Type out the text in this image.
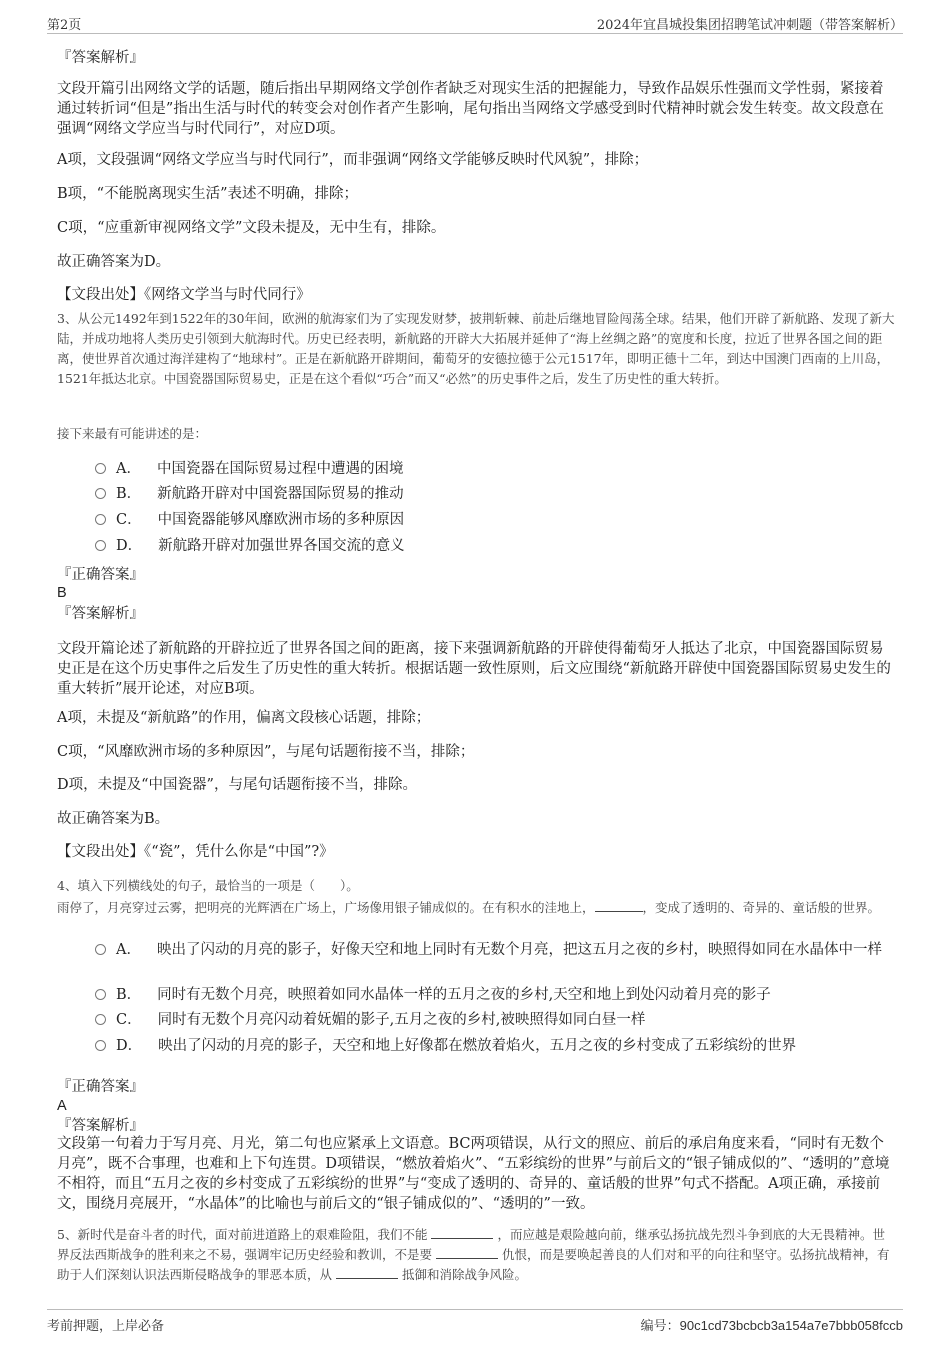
第2页	2024年宜昌城投集团招聘笔试冲刺题（带答案解析）

『答案解析』

文段开篇引出网络文学的话题，随后指出早期网络文学创作者缺乏对现实生活的把握能力，导致作品娱乐性强而文学性弱，紧接着通过转折词“但是”指出生活与时代的转变会对创作者产生影响，尾句指出当网络文学感受到时代精神时就会发生转变。故文段意在强调“网络文学应当与时代同行”，对应D项。

A项，文段强调“网络文学应当与时代同行”，而非强调“网络文学能够反映时代风貌”，排除；

B项，“不能脱离现实生活”表述不明确，排除；

C项，“应重新审视网络文学”文段未提及，无中生有，排除。

故正确答案为D。

【文段出处】《网络文学当与时代同行》

3、从公元1492年到1522年的30年间，欧洲的航海家们为了实现发财梦，披荆斩棘、前赴后继地冒险闯荡全球。结果，他们开辟了新航路、发现了新大陆，并成功地将人类历史引领到大航海时代。历史已经表明，新航路的开辟大大拓展并延伸了“海上丝绸之路”的宽度和长度，拉近了世界各国之间的距离，使世界首次通过海洋建构了“地球村”。正是在新航路开辟期间，葡萄牙的安德拉德于公元1517年，即明正德十二年，到达中国澳门西南的上川岛，1521年抵达北京。中国瓷器国际贸易史，正是在这个看似“巧合”而又“必然”的历史事件之后，发生了历史性的重大转折。

接下来最有可能讲述的是：

A． 中国瓷器在国际贸易过程中遭遇的困境
B． 新航路开辟对中国瓷器国际贸易的推动
C． 中国瓷器能够风靡欧洲市场的多种原因
D． 新航路开辟对加强世界各国交流的意义

『正确答案』

B

『答案解析』

文段开篇论述了新航路的开辟拉近了世界各国之间的距离，接下来强调新航路的开辟使得葡萄牙人抵达了北京，中国瓷器国际贸易史正是在这个历史事件之后发生了历史性的重大转折。根据话题一致性原则，后文应围绕“新航路开辟使中国瓷器国际贸易史发生的重大转折”展开论述，对应B项。

A项，未提及“新航路”的作用，偏离文段核心话题，排除；

C项，“风靡欧洲市场的多种原因”，与尾句话题衔接不当，排除；

D项，未提及“中国瓷器”，与尾句话题衔接不当，排除。

故正确答案为B。

【文段出处】《“瓷”，凭什么你是“中国”?》

4、填入下列横线处的句子，最恰当的一项是（　　）。

雨停了，月亮穿过云雾，把明亮的光辉洒在广场上，广场像用银子铺成似的。在有积水的洼地上，	，变成了透明的、奇异的、童话般的世界。

A． 映出了闪动的月亮的影子，好像天空和地上同时有无数个月亮，把这五月之夜的乡村，映照得如同在水晶体中一样
B． 同时有无数个月亮，映照着如同水晶体一样的五月之夜的乡村,天空和地上到处闪动着月亮的影子
C． 同时有无数个月亮闪动着妩媚的影子,五月之夜的乡村,被映照得如同白昼一样
D． 映出了闪动的月亮的影子，天空和地上好像都在燃放着焰火，五月之夜的乡村变成了五彩缤纷的世界

『正确答案』

A

『答案解析』

文段第一句着力于写月亮、月光，第二句也应紧承上文语意。BC两项错误，从行文的照应、前后的承启角度来看，“同时有无数个月亮”，既不合事理，也难和上下句连贯。D项错误，“燃放着焰火”、“五彩缤纷的世界”与前后文的“银子铺成似的”、“透明的”意境不相符，而且“五月之夜的乡村变成了五彩缤纷的世界”与“变成了透明的、奇异的、童话般的世界”句式不搭配。A项正确，承接前文，围绕月亮展开，“水晶体”的比喻也与前后文的“银子铺成似的”、“透明的”一致。

5、新时代是奋斗者的时代，面对前进道路上的艰难险阻，我们不能	，而应越是艰险越向前，继承弘扬抗战先烈斗争到底的大无畏精神。世界反法西斯战争的胜利来之不易，强调牢记历史经验和教训，不是要	仇恨，而是要唤起善良的人们对和平的向往和坚守。弘扬抗战精神，有助于人们深刻认识法西斯侵略战争的罪恶本质，从	抵御和消除战争风险。

考前押题，上岸必备	编号：90c1cd73bcbcb3a154a7e7bbb058fccb
